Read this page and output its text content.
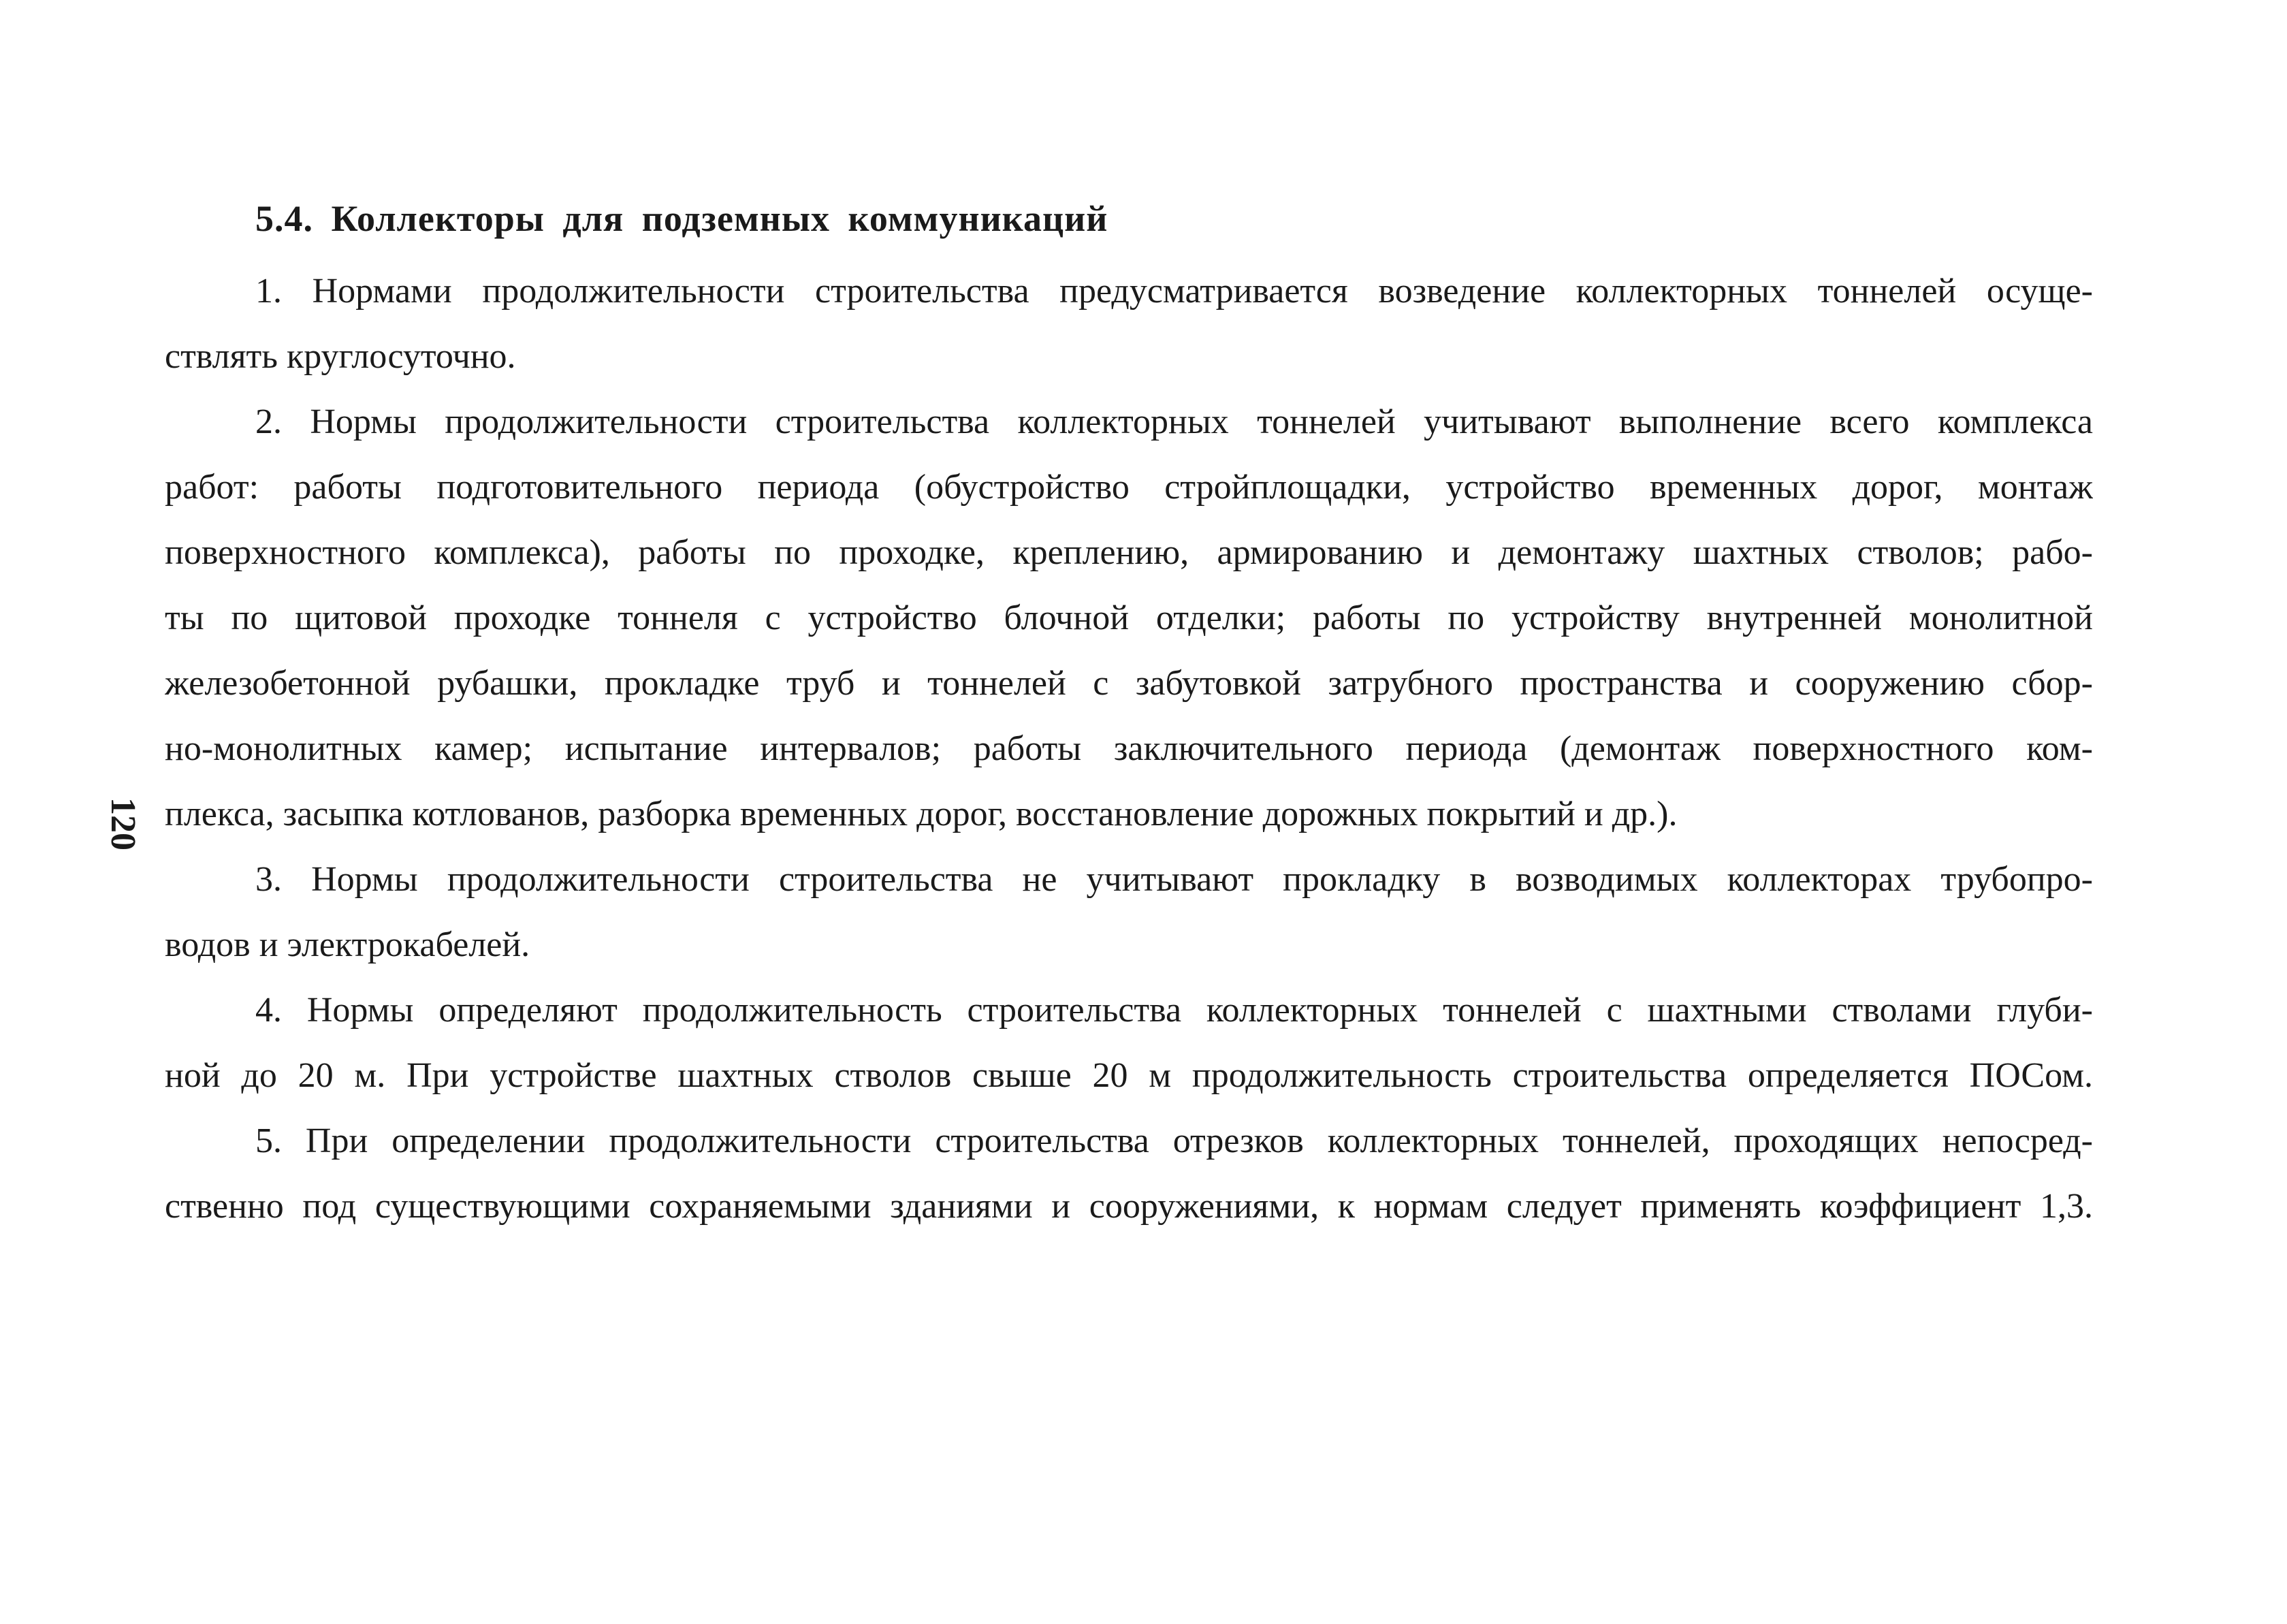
120
5.4. Коллекторы для подземных коммуникаций
1. Нормами продолжительности строительства предусматривается возведение коллекторных тоннелей осуще-
ствлять круглосуточно.
2. Нормы продолжительности строительства коллекторных тоннелей учитывают выполнение всего комплекса
работ: работы подготовительного периода (обустройство стройплощадки, устройство временных дорог, монтаж
поверхностного комплекса), работы по проходке, креплению, армированию и демонтажу шахтных стволов; рабо-
ты по щитовой проходке тоннеля с устройство блочной отделки; работы по устройству внутренней монолитной
железобетонной рубашки, прокладке труб и тоннелей с забутовкой затрубного пространства и сооружению сбор-
но-монолитных камер; испытание интервалов; работы заключительного периода (демонтаж поверхностного ком-
плекса, засыпка котлованов, разборка временных дорог, восстановление дорожных покрытий и др.).
3. Нормы продолжительности строительства не учитывают прокладку в возводимых коллекторах трубопро-
водов и электрокабелей.
4. Нормы определяют продолжительность строительства коллекторных тоннелей с шахтными стволами глуби-
ной до 20 м. При устройстве шахтных стволов свыше 20 м продолжительность строительства определяется ПОСом.
5. При определении продолжительности строительства отрезков коллекторных тоннелей, проходящих непосред-
ственно под существующими сохраняемыми зданиями и сооружениями, к нормам следует применять коэффициент 1,3.
